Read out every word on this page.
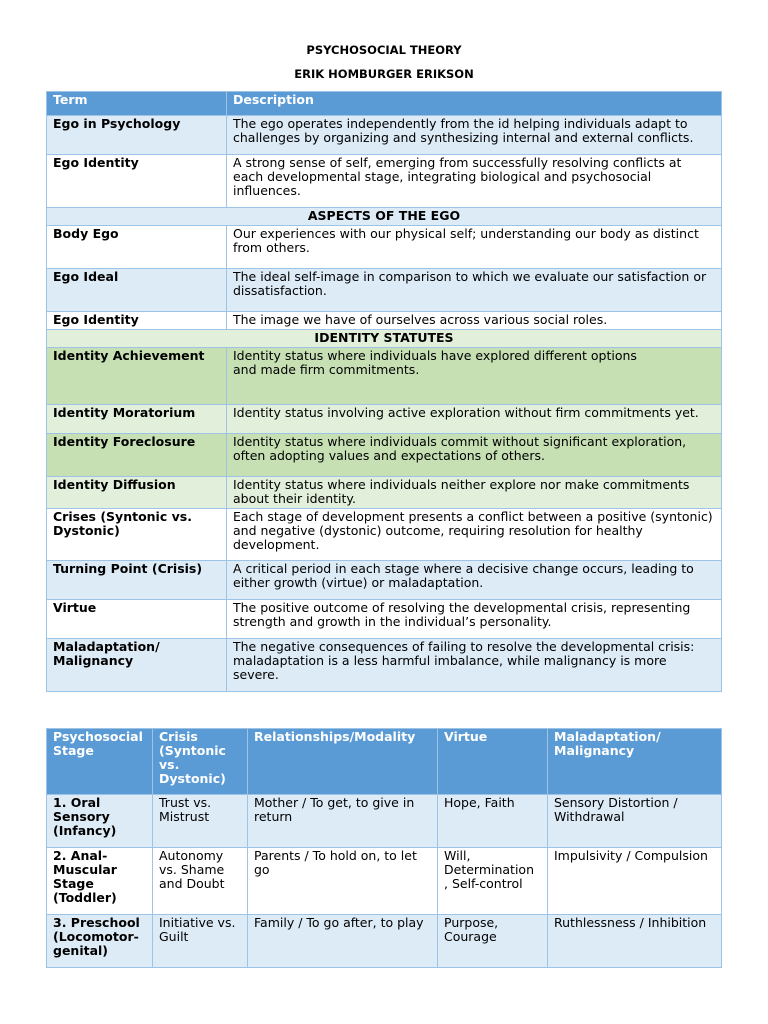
PSYCHOSOCIAL THEORY
ERIK HOMBURGER ERIKSON
Term	Description
Ego in Psychology	The ego operates independently from the id helping individuals adapt to challenges by organizing and synthesizing internal and external conflicts.
Ego Identity	A strong sense of self, emerging from successfully resolving conflicts at each developmental stage, integrating biological and psychosocial influences.
ASPECTS OF THE EGO	
Body Ego	Our experiences with our physical self; understanding our body as distinct from others.
Ego Ideal	The ideal self-image in comparison to which we evaluate our satisfaction or dissatisfaction.
Ego Identity	The image we have of ourselves across various social roles.
IDENTITY STATUTES	
Identity Achievement	Identity status where individuals have explored different options and made firm commitments.

Identity Moratorium	Identity status involving active exploration without firm commitments yet.
Identity Foreclosure	Identity status where individuals commit without significant exploration, often adopting values and expectations of others.
Identity Diffusion	Identity status where individuals neither explore nor make commitments about their identity.
Crises (Syntonic vs. Dystonic)	Each stage of development presents a conflict between a positive (syntonic) and negative (dystonic) outcome, requiring resolution for healthy development.
Turning Point (Crisis)	A critical period in each stage where a decisive change occurs, leading to either growth (virtue) or maladaptation.
Virtue	The positive outcome of resolving the developmental crisis, representing strength and growth in the individual’s personality.
Maladaptation/ Malignancy	The negative consequences of failing to resolve the developmental crisis: maladaptation is a less harmful imbalance, while malignancy is more severe.
Psychosocial Stage	Crisis (Syntonic vs. Dystonic)	Relationships/Modality	Virtue	Maladaptation/ Malignancy
1. Oral Sensory (Infancy)	Trust vs. Mistrust	Mother / To get, to give in return	Hope, Faith	Sensory Distortion / Withdrawal
2. Anal-Muscular Stage (Toddler)	Autonomy vs. Shame and Doubt	Parents / To hold on, to let go	Will, Determination , Self-control	Impulsivity / Compulsion
3. Preschool (Locomotor-genital)	Initiative vs. Guilt	Family / To go after, to play	Purpose, Courage	Ruthlessness / Inhibition
